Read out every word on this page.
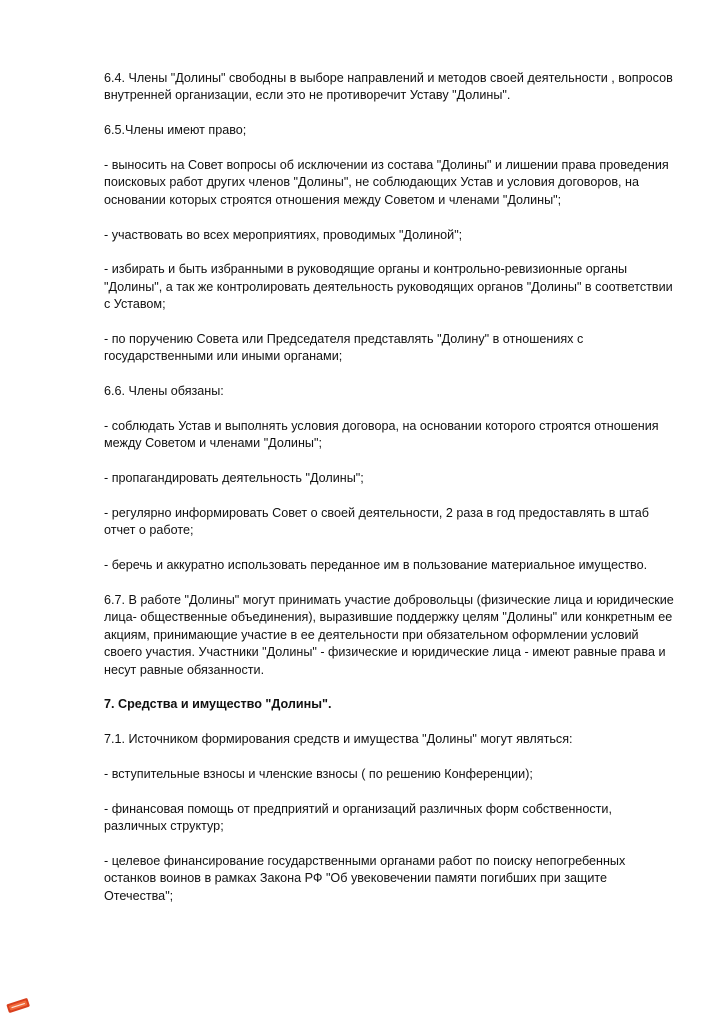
6.4. Члены "Долины" свободны в выборе направлений и методов своей деятельности , вопросов внутренней организации, если это не противоречит Уставу "Долины".

6.5.Члены имеют право;

- выносить на Совет вопросы об исключении из состава "Долины" и лишении права проведения поисковых работ других членов "Долины", не соблюдающих Устав и условия договоров, на основании которых строятся отношения между Советом и членами "Долины";

- участвовать во всех мероприятиях, проводимых "Долиной";

- избирать и быть избранными в руководящие органы и контрольно-ревизионные органы "Долины", а так же контролировать деятельность руководящих органов "Долины" в соответствии с Уставом;

- по поручению Совета или Председателя представлять "Долину" в отношениях с государственными или иными органами;

6.6. Члены обязаны:

- соблюдать Устав и выполнять условия договора, на основании которого строятся отношения между Советом и членами "Долины";

- пропагандировать деятельность "Долины";

- регулярно информировать Совет о своей деятельности, 2 раза в год предоставлять в штаб отчет о работе;

- беречь и аккуратно использовать переданное им в пользование материальное имущество.

6.7. В работе "Долины" могут принимать участие добровольцы (физические лица и юридические лица- общественные объединения), выразившие поддержку целям "Долины" или конкретным ее акциям, принимающие участие в ее деятельности при обязательном оформлении условий своего участия. Участники "Долины" - физические и юридические лица - имеют равные права и несут равные обязанности.

7. Средства и имущество "Долины".

7.1. Источником формирования средств и имущества "Долины" могут являться:

- вступительные взносы и членские взносы ( по решению Конференции);

- финансовая помощь от предприятий и организаций различных форм собственности, различных структур;

- целевое финансирование государственными органами работ по поиску непогребенных останков воинов в рамках Закона РФ "Об увековечении памяти погибших при защите Отечества";
